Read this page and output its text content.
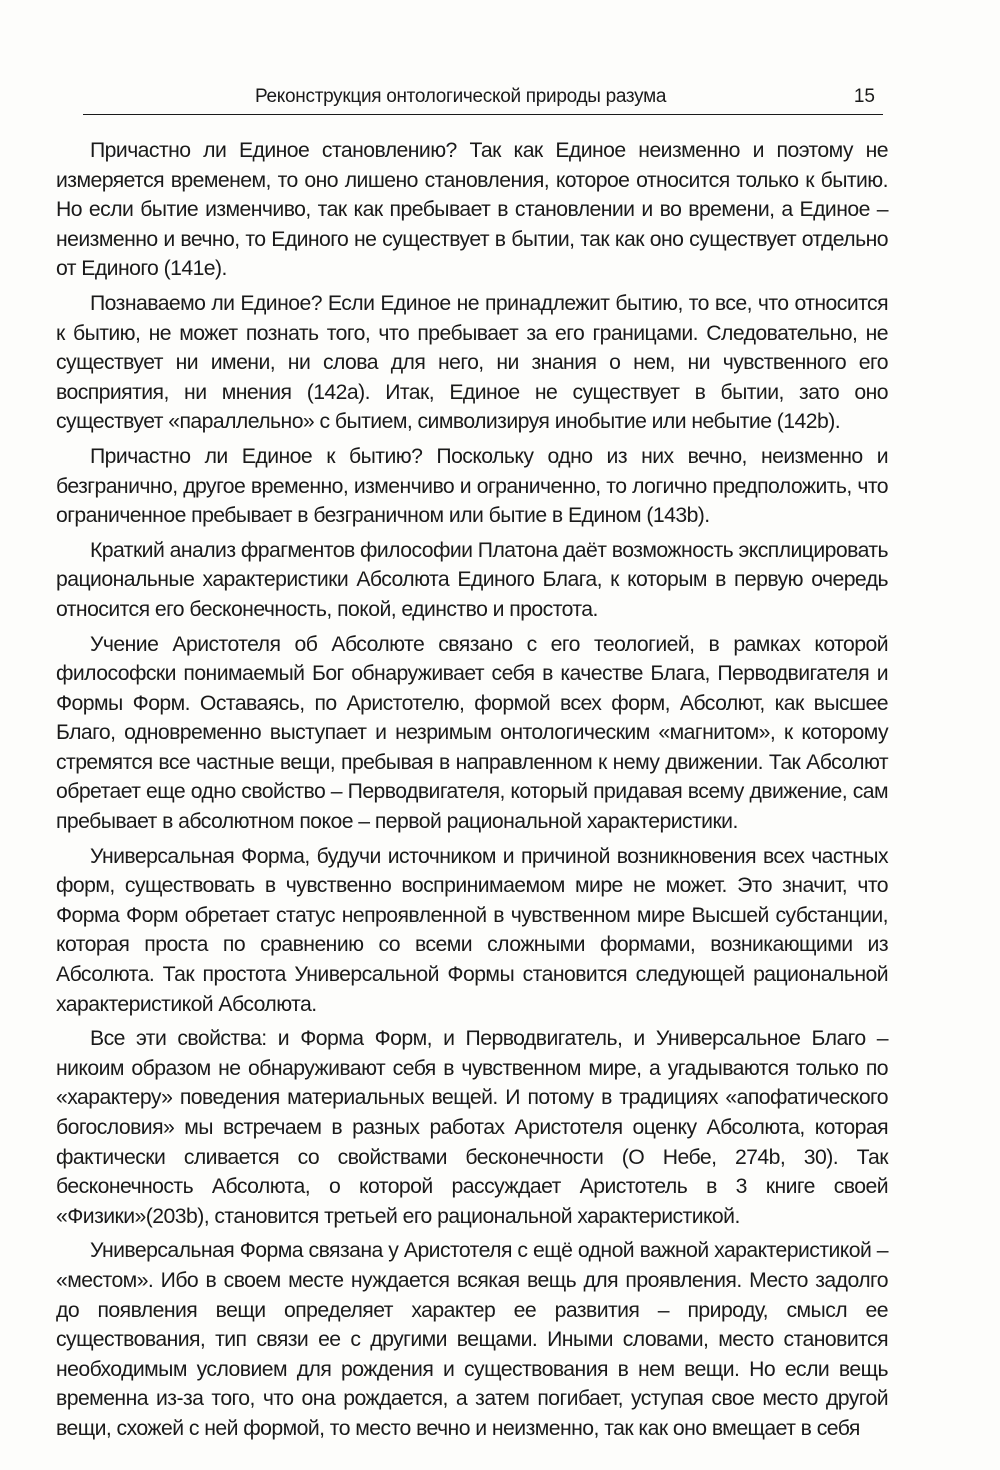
Реконструкция онтологической природы разума	15

Причастно ли Единое становлению? Так как Единое неизменно и поэтому не измеряется временем, то оно лишено становления, которое относится только к бытию. Но если бытие изменчиво, так как пребывает в становлении и во времени, а Единое – неизменно и вечно, то Единого не существует в бытии, так как оно существует отдельно от Единого (141e).

Познаваемо ли Единое? Если Единое не принадлежит бытию, то все, что относится к бытию, не может познать того, что пребывает за его границами. Следовательно, не существует ни имени, ни слова для него, ни знания о нем, ни чувственного его восприятия, ни мнения (142a). Итак, Единое не существует в бытии, зато оно существует «параллельно» с бытием, символизируя инобытие или небытие (142b).

Причастно ли Единое к бытию? Поскольку одно из них вечно, неизменно и безгранично, другое временно, изменчиво и ограниченно, то логично предположить, что ограниченное пребывает в безграничном или бытие в Едином (143b).

Краткий анализ фрагментов философии Платона даёт возможность эксплицировать рациональные характеристики Абсолюта Единого Блага, к которым в первую очередь относится его бесконечность, покой, единство и простота.

Учение Аристотеля об Абсолюте связано с его теологией, в рамках которой философски понимаемый Бог обнаруживает себя в качестве Блага, Перводвигателя и Формы Форм. Оставаясь, по Аристотелю, формой всех форм, Абсолют, как высшее Благо, одновременно выступает и незримым онтологическим «магнитом», к которому стремятся все частные вещи, пребывая в направленном к нему движении. Так Абсолют обретает еще одно свойство – Перводвигателя, который придавая всему движение, сам пребывает в абсолютном покое – первой рациональной характеристики.

Универсальная Форма, будучи источником и причиной возникновения всех частных форм, существовать в чувственно воспринимаемом мире не может. Это значит, что Форма Форм обретает статус непроявленной в чувственном мире Высшей субстанции, которая проста по сравнению со всеми сложными формами, возникающими из Абсолюта. Так простота Универсальной Формы становится следующей рациональной характеристикой Абсолюта.

Все эти свойства: и Форма Форм, и Перводвигатель, и Универсальное Благо – никоим образом не обнаруживают себя в чувственном мире, а угадываются только по «характеру» поведения материальных вещей. И потому в традициях «апофатического богословия» мы встречаем в разных работах Аристотеля оценку Абсолюта, которая фактически сливается со свойствами бесконечности (О Небе, 274b, 30). Так бесконечность Абсолюта, о которой рассуждает Аристотель в 3 книге своей «Физики»(203b), становится третьей его рациональной характеристикой.

Универсальная Форма связана у Аристотеля с ещё одной важной характеристикой – «местом». Ибо в своем месте нуждается всякая вещь для проявления. Место задолго до появления вещи определяет характер ее развития – природу, смысл ее существования, тип связи ее с другими вещами. Иными словами, место становится необходимым условием для рождения и существования в нем вещи. Но если вещь временна из-за того, что она рождается, а затем погибает, уступая свое место другой вещи, схожей с ней формой, то место вечно и неизменно, так как оно вмещает в себя
